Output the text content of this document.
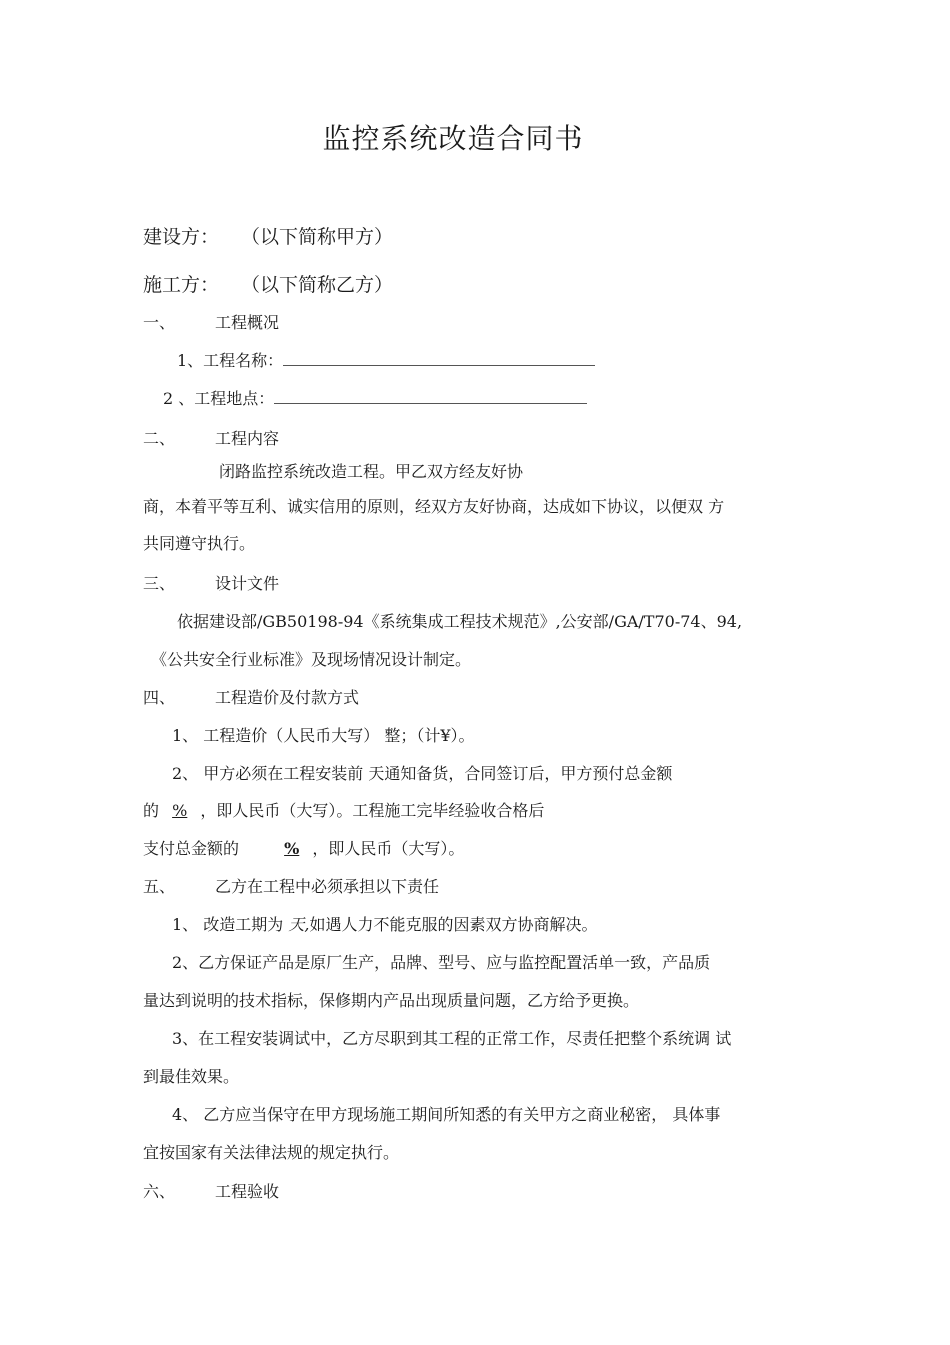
监控系统改造合同书
建设方： （以下简称甲方）
施工方： （以下简称乙方）
一、 工程概况
1、工程名称：
2 、工程地点：
二、 工程内容
闭路监控系统改造工程。甲乙双方经友好协
商，本着平等互利、诚实信用的原则，经双方友好协商，达成如下协议，以便双 方
共同遵守执行。
三、 设计文件
依据建设部/GB50198-94《系统集成工程技术规范》,公安部/GA/T70-74、94,
《公共安全行业标准》及现场情况设计制定。
四、 工程造价及付款方式
1、 工程造价（人民币大写） 整；（计¥）。
2、 甲方必须在工程安装前 天通知备货，合同签订后，甲方预付总金额
的 % ，即人民币（大写）。工程施工完毕经验收合格后
支付总金额的	% ，即人民币（大写）。
五、 乙方在工程中必须承担以下责任
1、 改造工期为 天,如遇人力不能克服的因素双方协商解决。
2、乙方保证产品是原厂生产，品牌、型号、应与监控配置活单一致，产品质
量达到说明的技术指标，保修期内产品出现质量问题，乙方给予更换。
3、在工程安装调试中，乙方尽职到其工程的正常工作，尽责任把整个系统调 试
到最佳效果。
4、 乙方应当保守在甲方现场施工期间所知悉的有关甲方之商业秘密， 具体事
宜按国家有关法律法规的规定执行。
六、 工程验收
